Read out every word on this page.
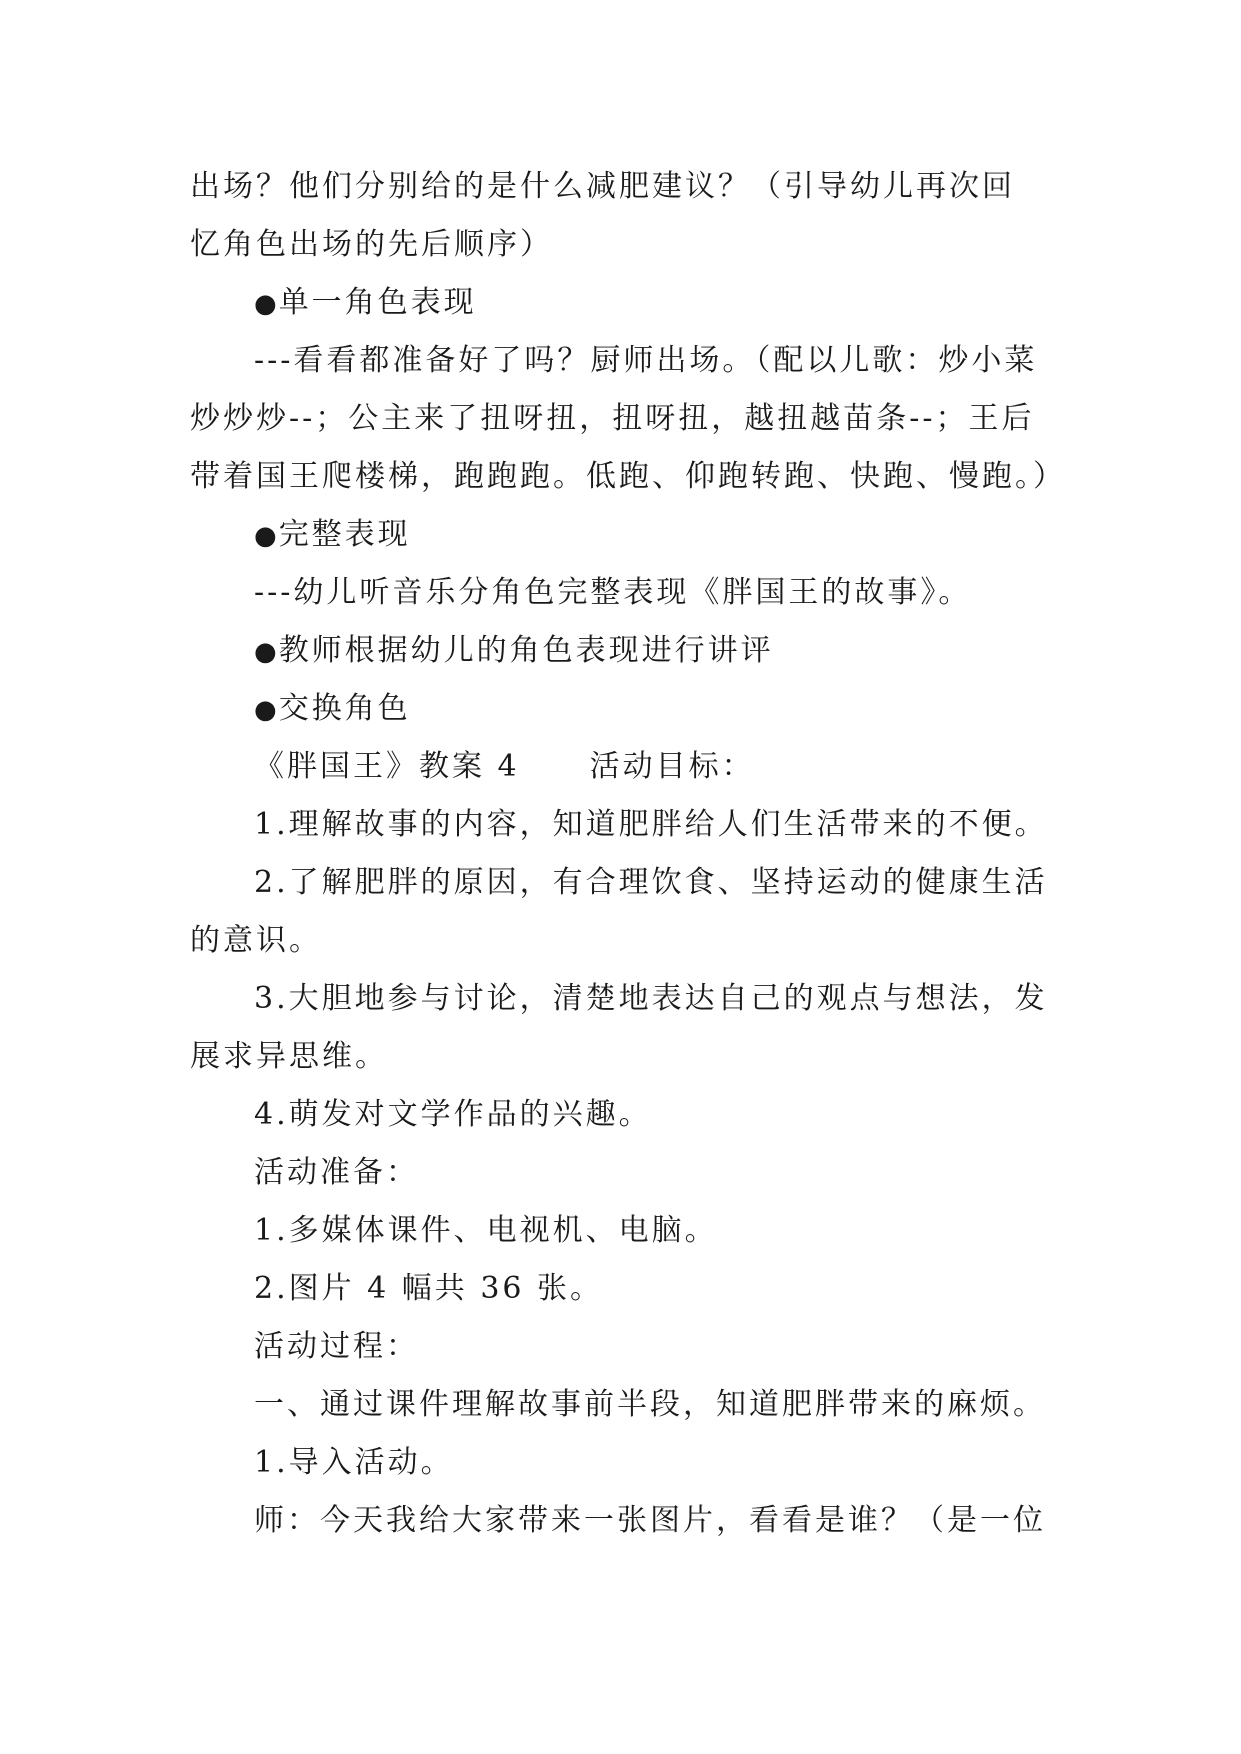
出场？他们分别给的是什么减肥建议？（引导幼儿再次回
忆角色出场的先后顺序）
●单一角色表现
---看看都准备好了吗？厨师出场。（配以儿歌：炒小菜
炒炒炒--；公主来了扭呀扭，扭呀扭，越扭越苗条--；王后
带着国王爬楼梯，跑跑跑。低跑、仰跑转跑、快跑、慢跑。）
●完整表现
---幼儿听音乐分角色完整表现《胖国王的故事》。
●教师根据幼儿的角色表现进行讲评
●交换角色
《胖国王》教案 4 活动目标：
1.理解故事的内容，知道肥胖给人们生活带来的不便。
2.了解肥胖的原因，有合理饮食、坚持运动的健康生活
的意识。
3.大胆地参与讨论，清楚地表达自己的观点与想法，发
展求异思维。
4.萌发对文学作品的兴趣。
活动准备：
1.多媒体课件、电视机、电脑。
2.图片 4 幅共 36 张。
活动过程：
一、通过课件理解故事前半段，知道肥胖带来的麻烦。
1.导入活动。
师：今天我给大家带来一张图片，看看是谁？（是一位
